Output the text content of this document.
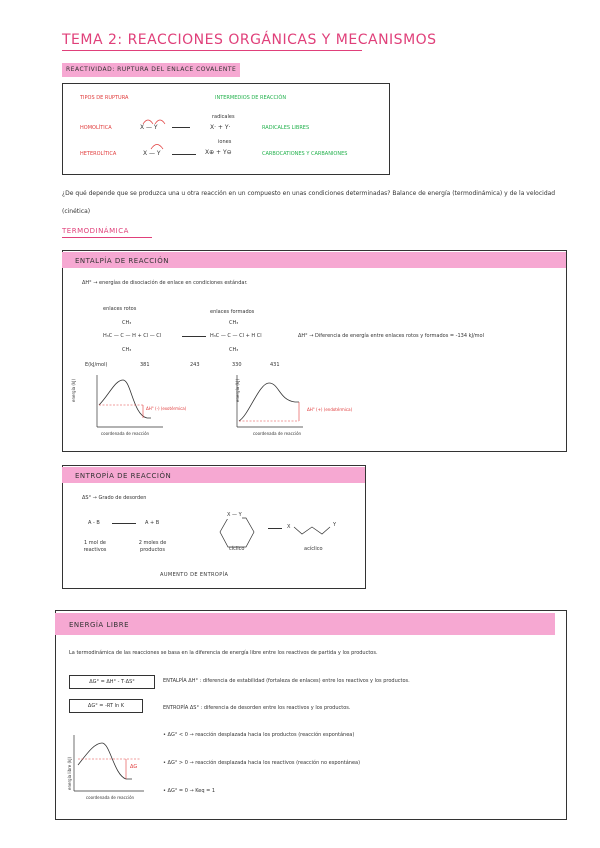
TEMA 2: REACCIONES ORGÁNICAS Y MECANISMOS
REACTIVIDAD: RUPTURA DEL ENLACE COVALENTE
TIPOS DE RUPTURA	INTERMEDIOS DE REACCIÓN
HOMOLÍTICA	X — Y
radicales
X· + Y·	RADICALES LIBRES
HETEROLÍTICA	X — Y
iones
X⊕ + Y⊖	CARBOCATIONES Y CARBANIONES
¿De qué depende que se produzca una u otra reacción en un compuesto en unas condiciones determinadas? Balance de energía (termodinámica) y de la velocidad (cinética)
TERMODINÁMICA
ENTALPÍA DE REACCIÓN
ΔH° → energías de disociación de enlace en condiciones estándar.
enlaces rotos	enlaces formados
CH₃
H₃C — C — H + Cl — Cl
CH₃
CH₃
H₃C — C — Cl + H Cl
CH₃
ΔH° → Diferencia de energía entre enlaces rotos y formados = -134 kJ/mol
E(kJ/mol)	381	243	330	431
energía (kJ)
coordenada de reacción
ΔH° (-) (exotérmica)
energía (kJ)
coordenada de reacción
ΔH° (+) (endotérmica)
ENTROPÍA DE REACCIÓN
ΔS° → Grado de desorden
A - B	A + B
1 mol de reactivos
2 moles de productos
X — Y
cíclico
X	Y
acíclico
AUMENTO DE ENTROPÍA
ENERGÍA LIBRE
La termodinámica de las reacciones se basa en la diferencia de energía libre entre los reactivos de partida y los productos.
ΔG° = ΔH° - T·ΔS°
ΔG° = -RT ln K
ENTALPÍA ΔH° : diferencia de estabilidad (fortaleza de enlaces) entre los reactivos y los productos.
ENTROPÍA ΔS° : diferencia de desorden entre los reactivos y los productos.
energía libre (kJ)
coordenada de reacción
ΔG
• ΔG° < 0 → reacción desplazada hacia los productos (reacción espontánea)
• ΔG° > 0 → reacción desplazada hacia los reactivos (reacción no espontánea)
• ΔG° = 0 → Keq = 1
